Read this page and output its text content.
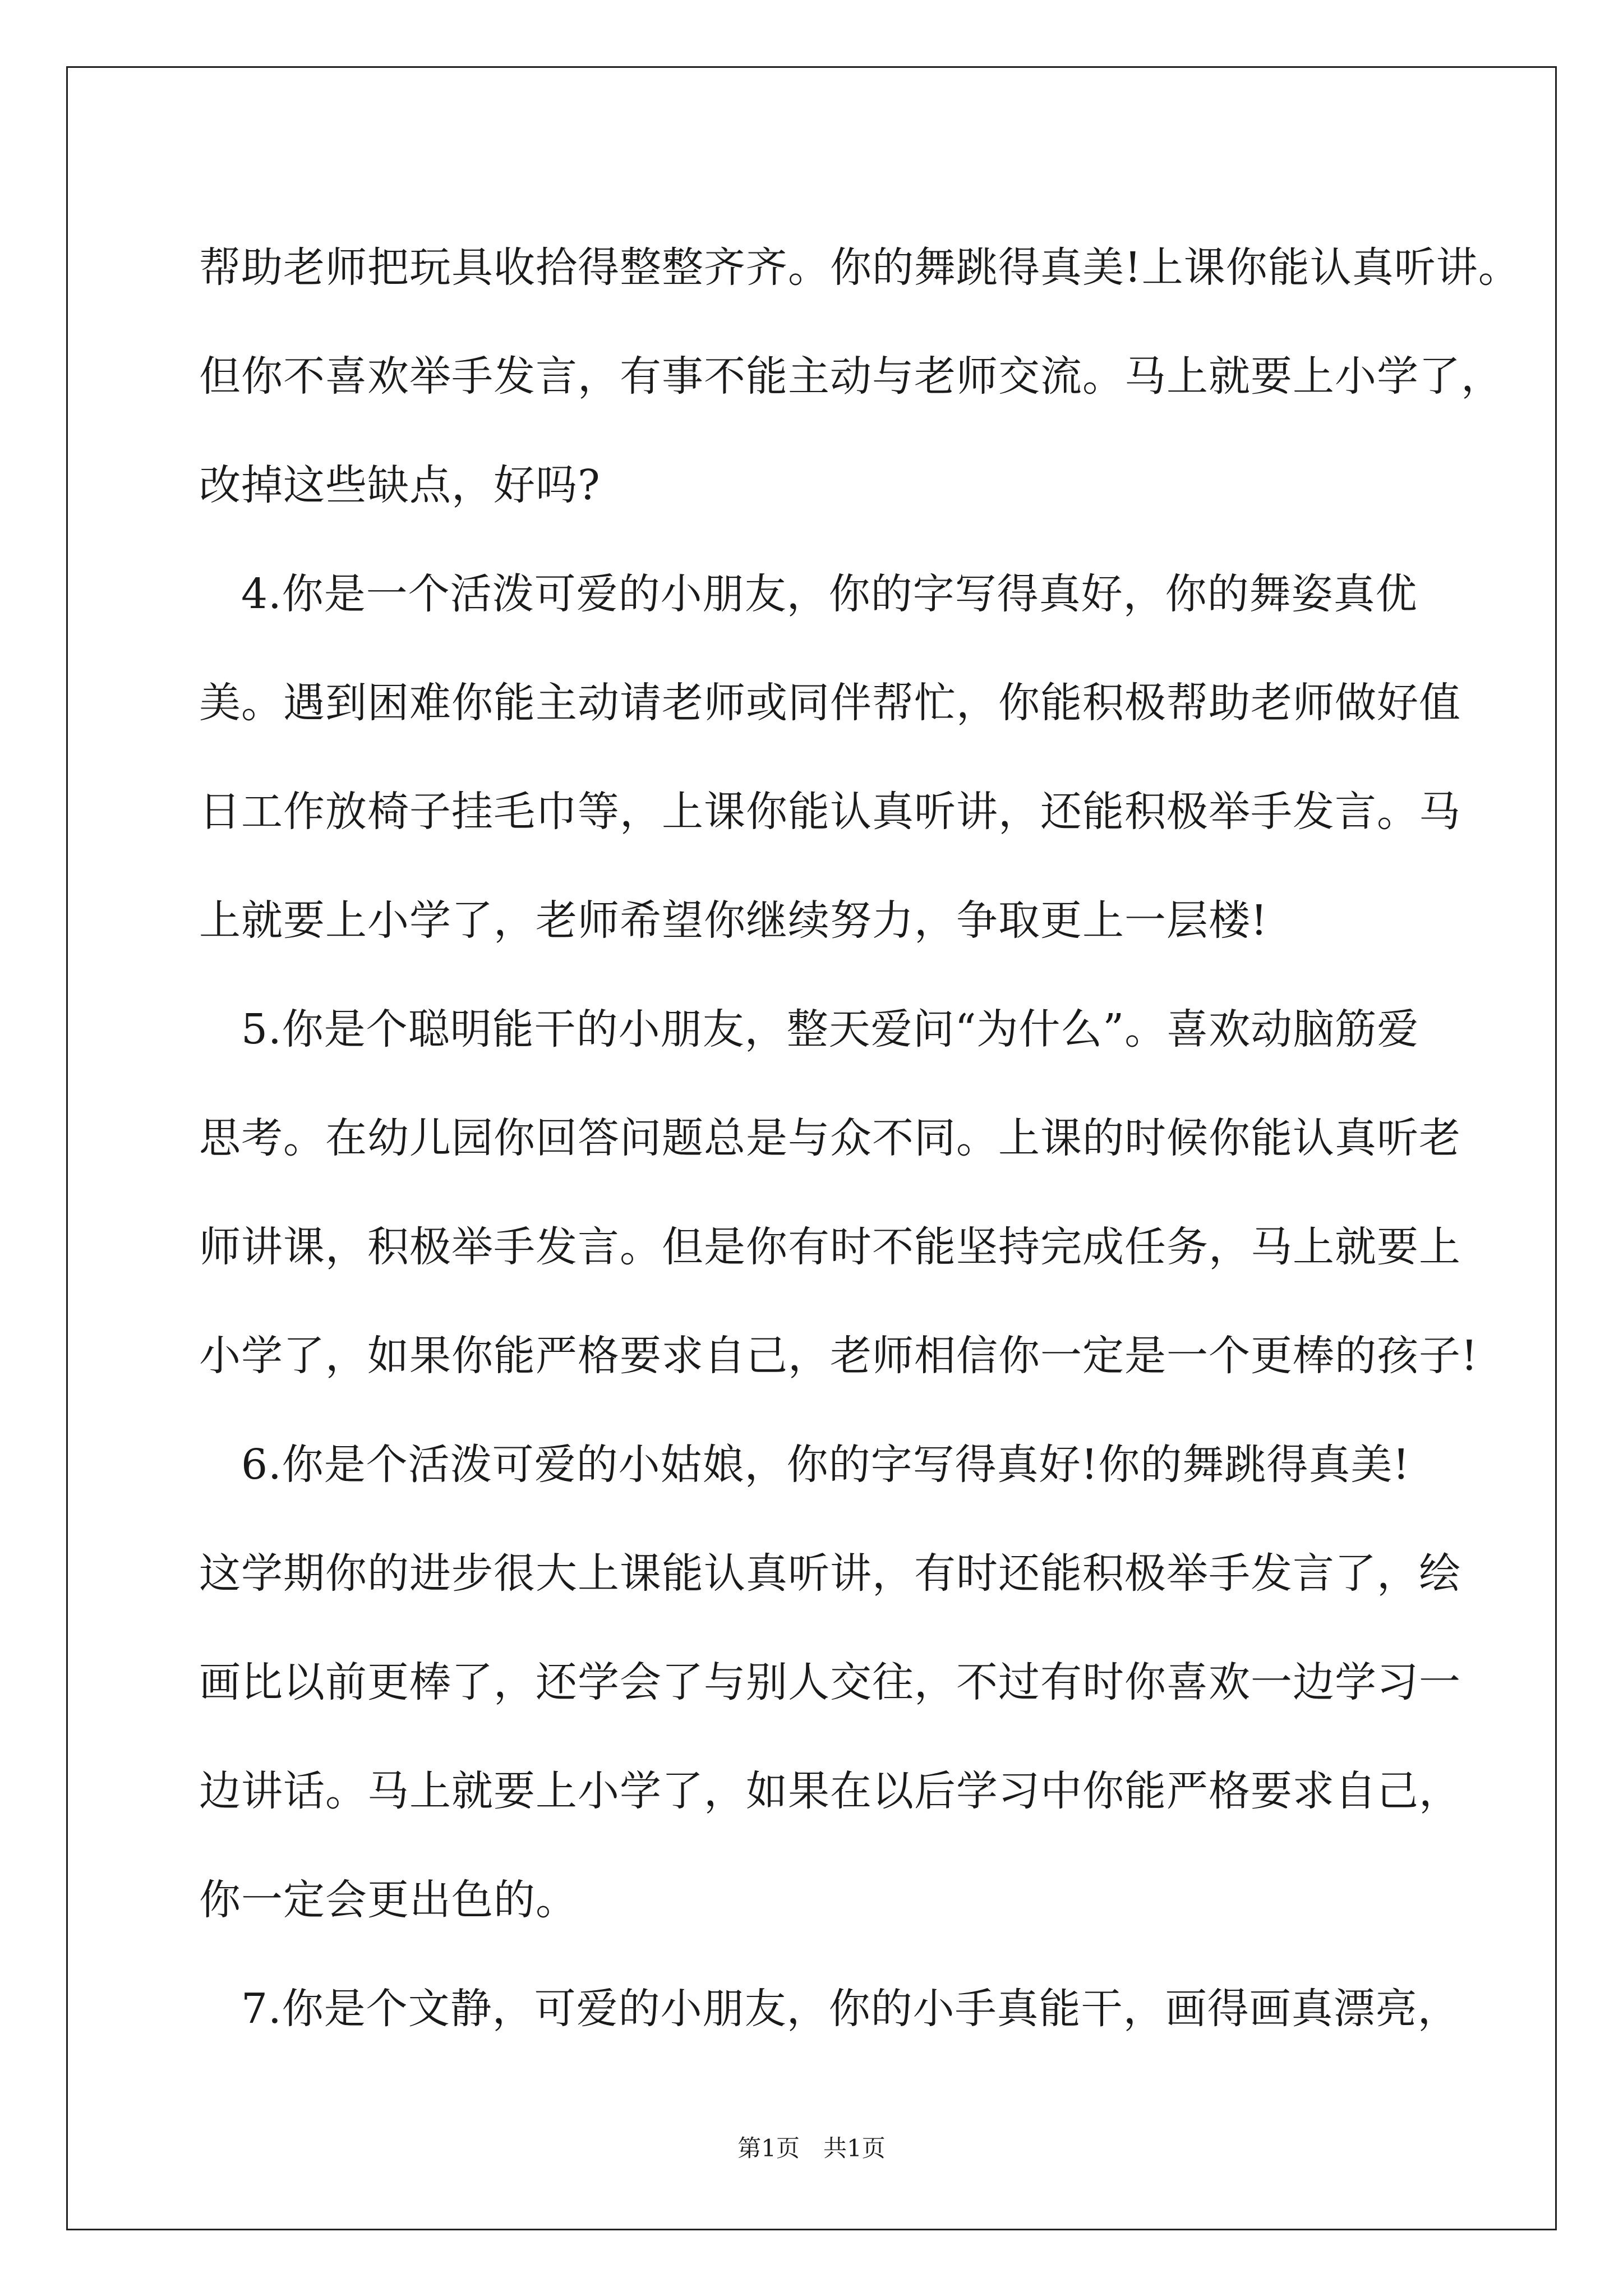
帮助老师把玩具收拾得整整齐齐。你的舞跳得真美!上课你能认真听讲。
但你不喜欢举手发言，有事不能主动与老师交流。马上就要上小学了，
改掉这些缺点，好吗?
　4.你是一个活泼可爱的小朋友，你的字写得真好，你的舞姿真优
美。遇到困难你能主动请老师或同伴帮忙，你能积极帮助老师做好值
日工作放椅子挂毛巾等，上课你能认真听讲，还能积极举手发言。马
上就要上小学了，老师希望你继续努力，争取更上一层楼!
　5.你是个聪明能干的小朋友，整天爱问“为什么”。喜欢动脑筋爱
思考。在幼儿园你回答问题总是与众不同。上课的时候你能认真听老
师讲课，积极举手发言。但是你有时不能坚持完成任务，马上就要上
小学了，如果你能严格要求自己，老师相信你一定是一个更棒的孩子!
　6.你是个活泼可爱的小姑娘，你的字写得真好!你的舞跳得真美!
这学期你的进步很大上课能认真听讲，有时还能积极举手发言了，绘
画比以前更棒了，还学会了与别人交往，不过有时你喜欢一边学习一
边讲话。马上就要上小学了，如果在以后学习中你能严格要求自己，
你一定会更出色的。
　7.你是个文静，可爱的小朋友，你的小手真能干，画得画真漂亮，
第1页　共1页
